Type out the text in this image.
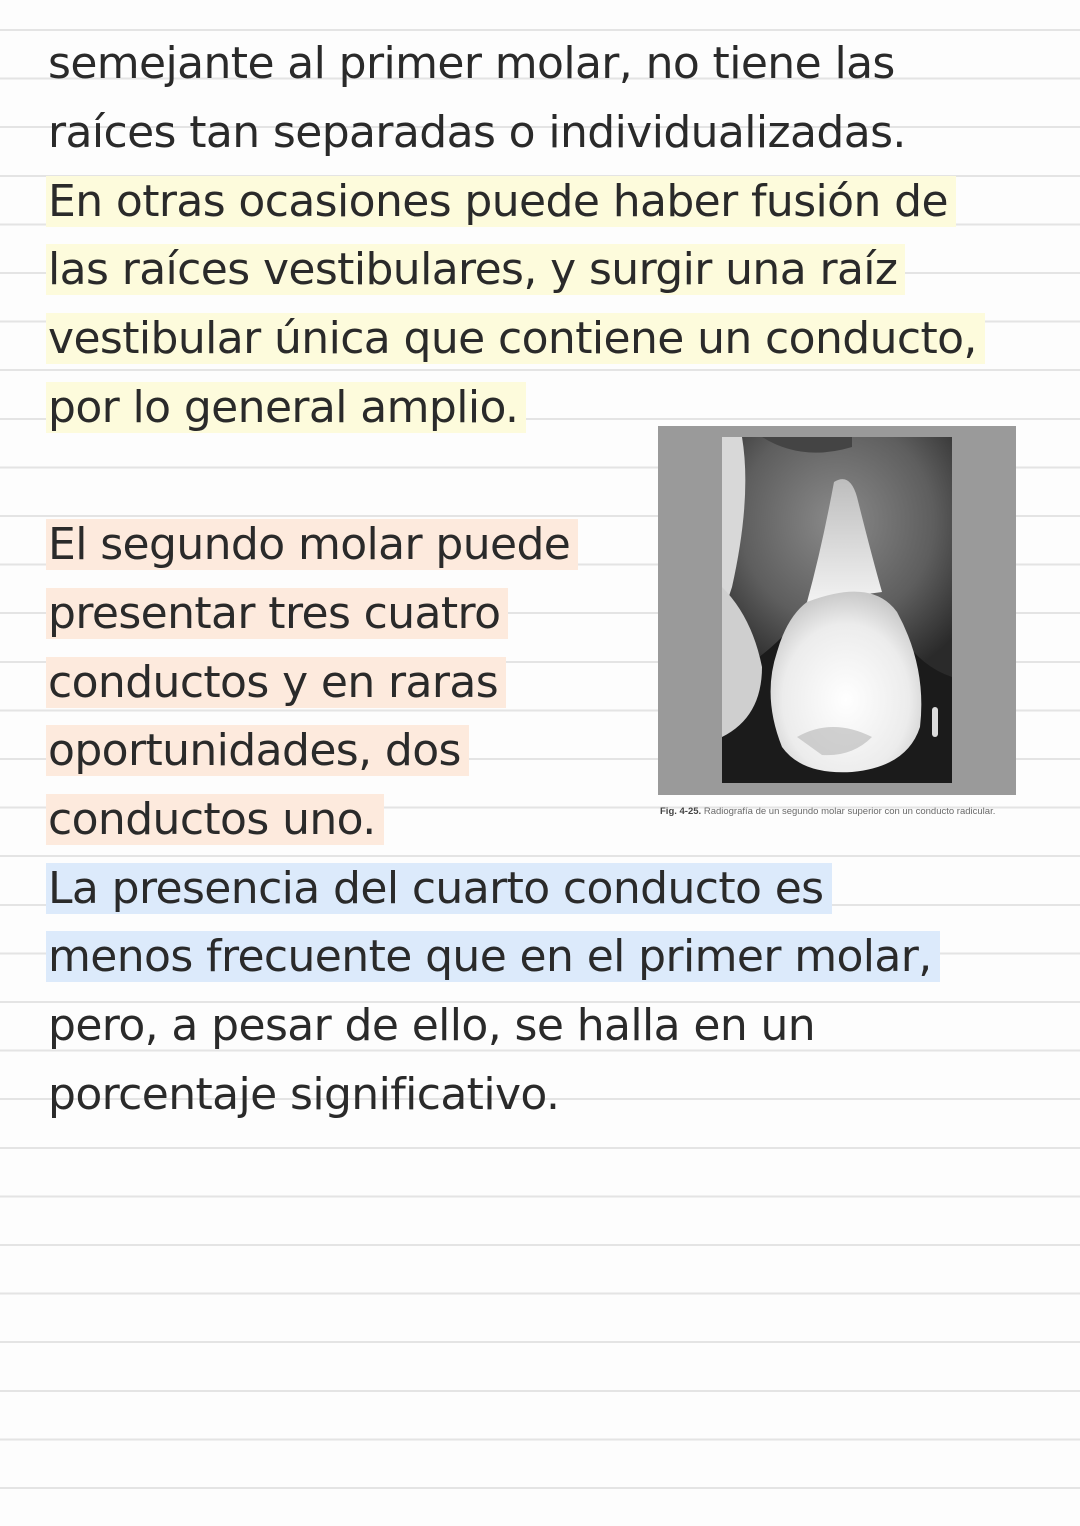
semejante al primer molar, no tiene las
raíces tan separadas o individualizadas.
En otras ocasiones puede haber fusión de
las raíces vestibulares, y surgir una raíz
vestibular única que contiene un conducto,
por lo general amplio.
El segundo molar puede
presentar tres cuatro
conductos y en raras
oportunidades, dos
conductos uno.
La presencia del cuarto conducto es
menos frecuente que en el primer molar,
pero, a pesar de ello, se halla en un
porcentaje significativo.
Fig. 4-25. Radiografía de un segundo molar superior con un conducto radicular.
